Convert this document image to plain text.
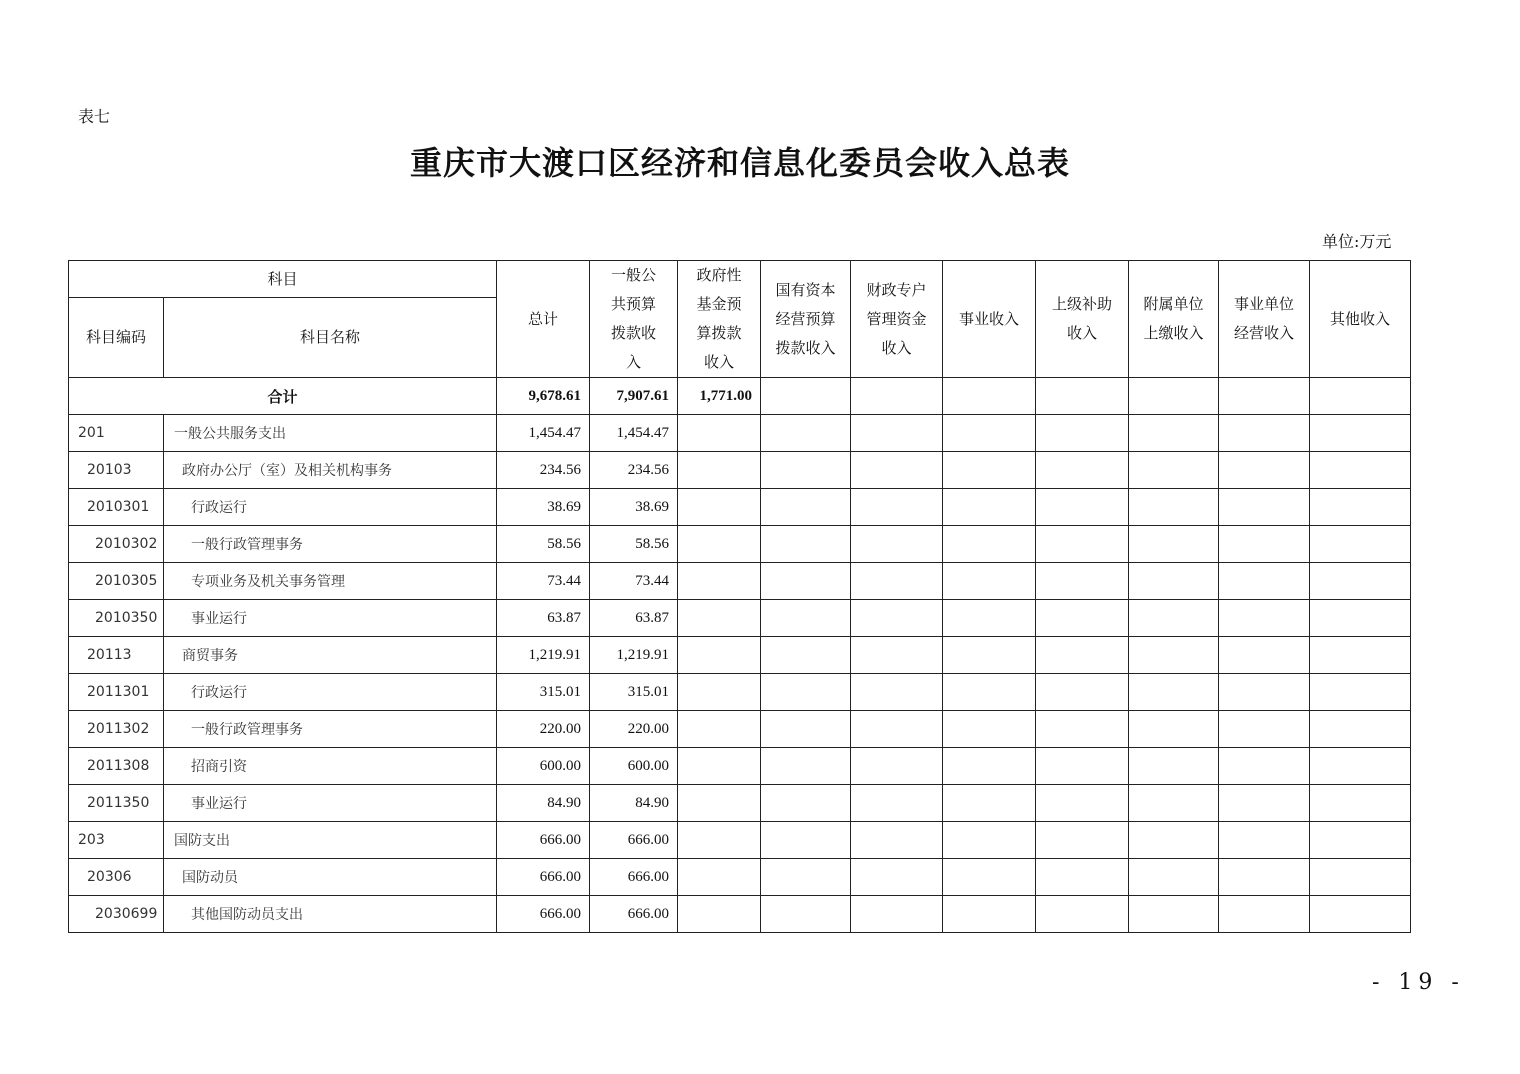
表七
重庆市大渡口区经济和信息化委员会收入总表
单位:万元
科目		总计	一般公共预算拨款收入	政府性基金预算拨款收入	国有资本经营预算拨款收入	财政专户管理资金收入	事业收入	上级补助收入	附属单位上缴收入	事业单位经营收入	其他收入
科目编码	科目名称										
合计		9,678.61	7,907.61	1,771.00							
201	一般公共服务支出	1,454.47	1,454.47								
20103	政府办公厅（室）及相关机构事务	234.56	234.56								
2010301	行政运行	38.69	38.69								
2010302	一般行政管理事务	58.56	58.56								
2010305	专项业务及机关事务管理	73.44	73.44								
2010350	事业运行	63.87	63.87								
20113	商贸事务	1,219.91	1,219.91								
2011301	行政运行	315.01	315.01								
2011302	一般行政管理事务	220.00	220.00								
2011308	招商引资	600.00	600.00								
2011350	事业运行	84.90	84.90								
203	国防支出	666.00	666.00								
20306	国防动员	666.00	666.00								
2030699	其他国防动员支出	666.00	666.00								
- 19 -
